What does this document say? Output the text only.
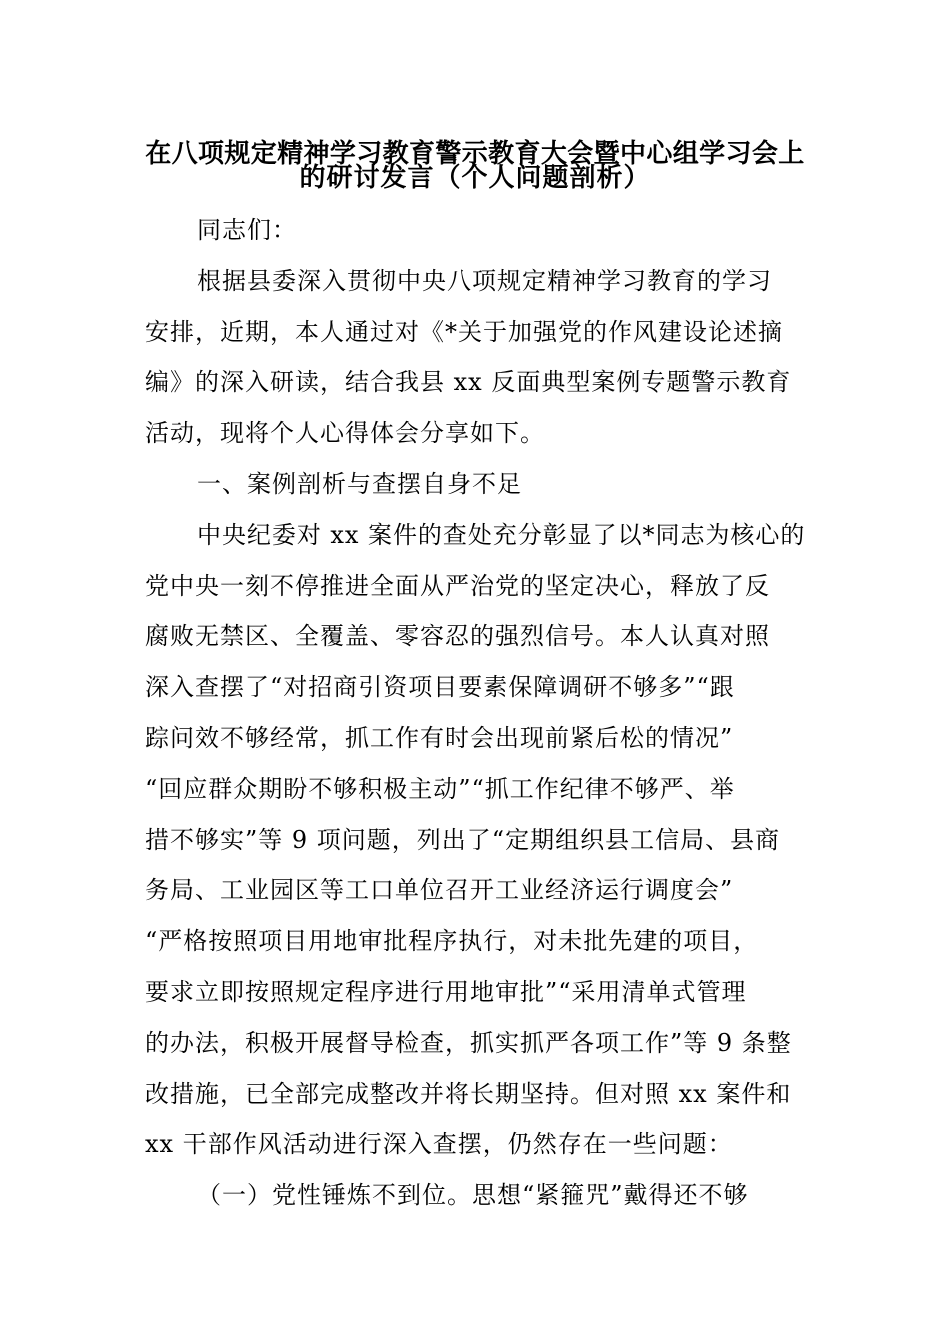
在八项规定精神学习教育警示教育大会暨中心组学习会上
的研讨发言（个人问题剖析）
同志们：
根据县委深入贯彻中央八项规定精神学习教育的学习
安排，近期，本人通过对《*关于加强党的作风建设论述摘
编》的深入研读，结合我县 xx 反面典型案例专题警示教育
活动，现将个人心得体会分享如下。
一、案例剖析与查摆自身不足
中央纪委对 xx 案件的查处充分彰显了以*同志为核心的
党中央一刻不停推进全面从严治党的坚定决心，释放了反
腐败无禁区、全覆盖、零容忍的强烈信号。本人认真对照
深入查摆了“对招商引资项目要素保障调研不够多”“跟
踪问效不够经常，抓工作有时会出现前紧后松的情况”
“回应群众期盼不够积极主动”“抓工作纪律不够严、举
措不够实”等 9 项问题，列出了“定期组织县工信局、县商
务局、工业园区等工口单位召开工业经济运行调度会”
“严格按照项目用地审批程序执行，对未批先建的项目，
要求立即按照规定程序进行用地审批”“采用清单式管理
的办法，积极开展督导检查，抓实抓严各项工作”等 9 条整
改措施，已全部完成整改并将长期坚持。但对照 xx 案件和
xx 干部作风活动进行深入查摆，仍然存在一些问题：
（一）党性锤炼不到位。思想“紧箍咒”戴得还不够
